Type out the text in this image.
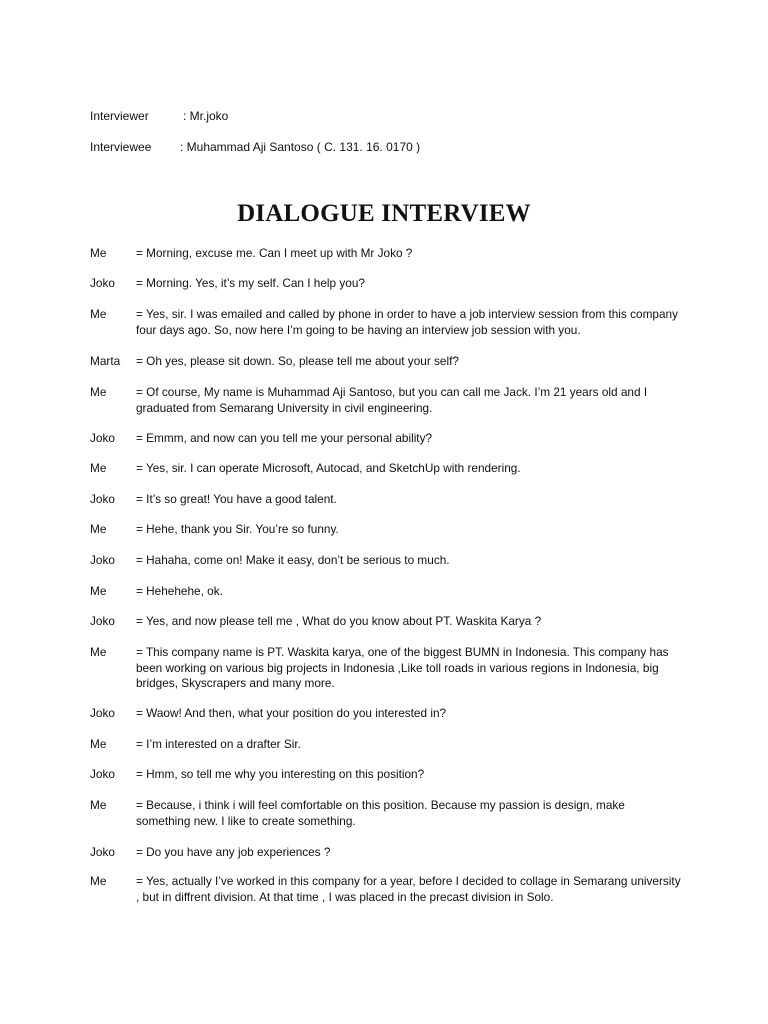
Interviewer	: Mr.joko
Interviewee : Muhammad Aji Santoso ( C. 131. 16. 0170 )
DIALOGUE INTERVIEW
Me	= Morning, excuse me. Can I meet up with Mr Joko ?
Joko	= Morning. Yes, it’s my self. Can I help you?
Me	= Yes, sir. I was emailed and called by phone in order to have a job interview session from this company four days ago. So, now here I’m going to be having an interview job session with you.
Marta	= Oh yes, please sit down. So, please tell me about your self?
Me	= Of course, My name is Muhammad Aji Santoso, but you can call me Jack. I’m 21 years old and I graduated from Semarang University in civil engineering.
Joko	= Emmm, and now can you tell me your personal ability?
Me	= Yes, sir. I can operate Microsoft, Autocad, and SketchUp with rendering.
Joko	= It’s so great! You have a good talent.
Me	= Hehe, thank you Sir. You’re so funny.
Joko	= Hahaha, come on! Make it easy, don’t be serious to much.
Me	= Hehehehe, ok.
Joko	= Yes, and now please tell me , What do you know about PT. Waskita Karya ?
Me	= This company name is PT. Waskita karya, one of the biggest BUMN in Indonesia. This company has been working on various big projects in Indonesia ,Like toll roads in various regions in Indonesia, big bridges, Skyscrapers and many more.
Joko	= Waow! And then, what your position do you interested in?
Me	= I’m interested on a drafter Sir.
Joko	= Hmm, so tell me why you interesting on this position?
Me	= Because, i think i will feel comfortable on this position. Because my passion is design, make something new. I like to create something.
Joko	= Do you have any job experiences ?
Me	= Yes, actually I’ve worked in this company for a year, before I decided to collage in Semarang university , but in diffrent division. At that time , I was placed in the precast division in Solo.
